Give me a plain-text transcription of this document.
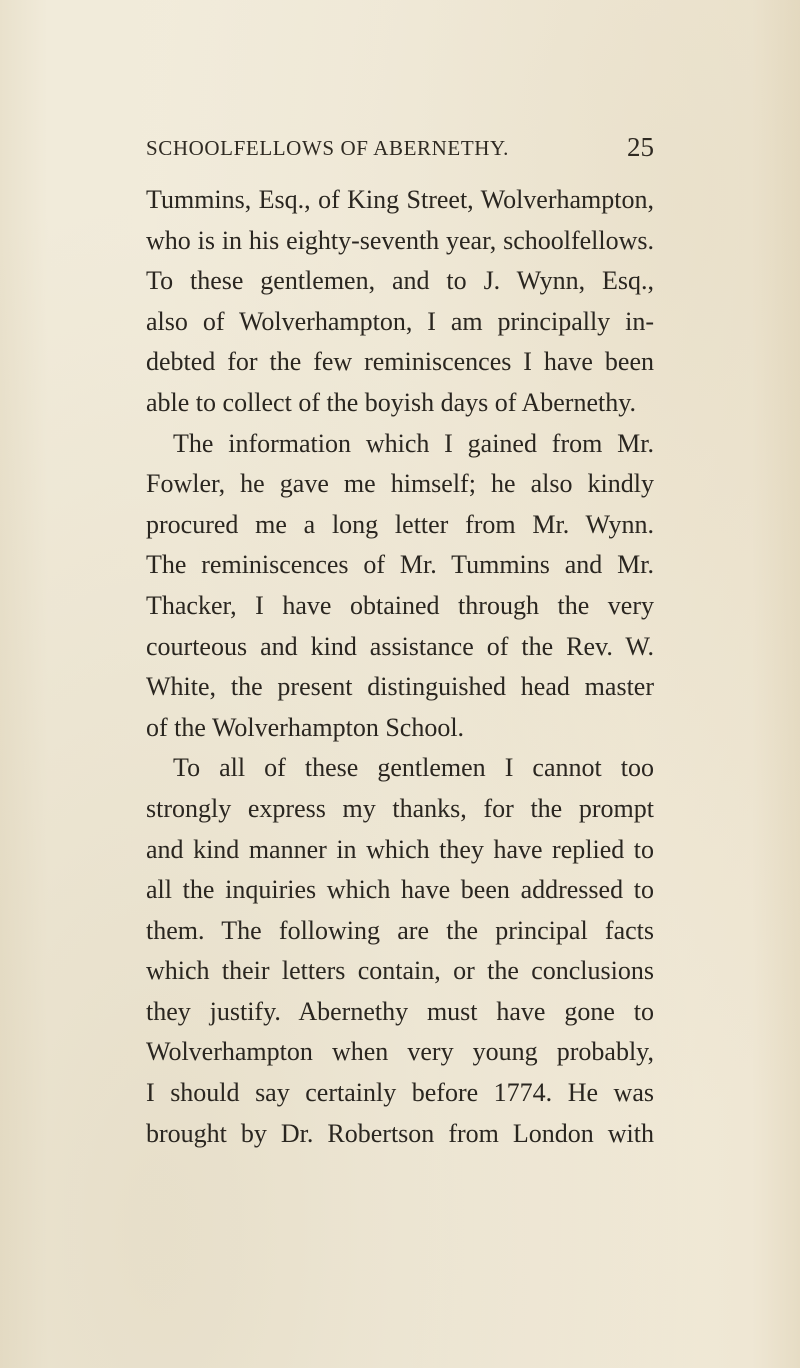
SCHOOLFELLOWS OF ABERNETHY.	25
Tummins, Esq., of King Street, Wolverhampton,
who is in his eighty-seventh year, schoolfellows.
To these gentlemen, and to J. Wynn, Esq.,
also of Wolverhampton, I am principally in-
debted for the few reminiscences I have been
able to collect of the boyish days of Abernethy.
The information which I gained from Mr.
Fowler, he gave me himself; he also kindly
procured me a long letter from Mr. Wynn.
The reminiscences of Mr. Tummins and Mr.
Thacker, I have obtained through the very
courteous and kind assistance of the Rev. W.
White, the present distinguished head master
of the Wolverhampton School.
To all of these gentlemen I cannot too
strongly express my thanks, for the prompt
and kind manner in which they have replied to
all the inquiries which have been addressed to
them. The following are the principal facts
which their letters contain, or the conclusions
they justify. Abernethy must have gone to
Wolverhampton when very young probably,
I should say certainly before 1774. He was
brought by Dr. Robertson from London with
